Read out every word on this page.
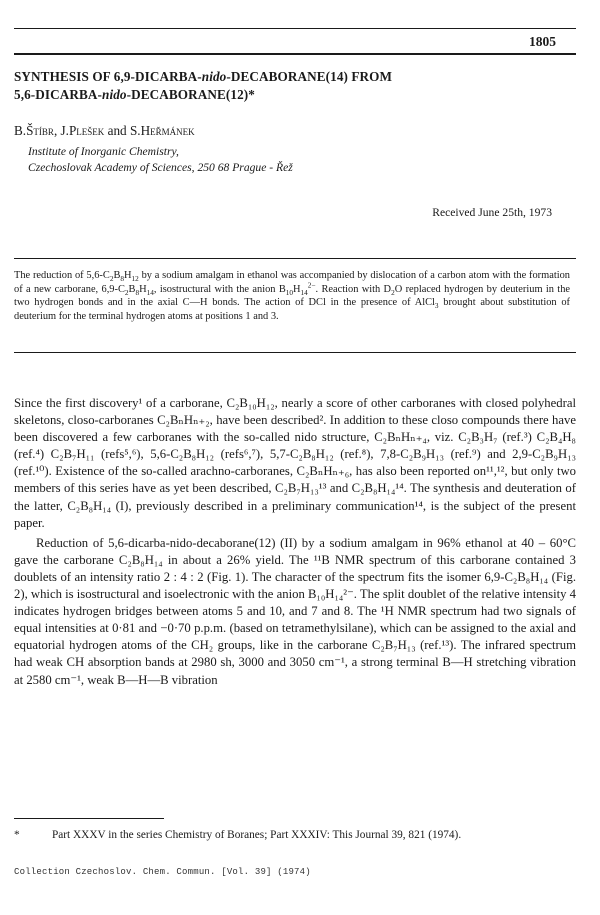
1805
SYNTHESIS OF 6,9-DICARBA-nido-DECABORANE(14) FROM
5,6-DICARBA-nido-DECABORANE(12)*
B.Štíbr, J.Plešek and S.Heřmánek
Institute of Inorganic Chemistry,
Czechoslovak Academy of Sciences, 250 68 Prague - Řež
Received June 25th, 1973
The reduction of $5,6-C_2B_8H_{12}$ by a sodium amalgam in ethanol was accompanied by dislocation of a carbon atom with the formation of a new carborane, $6,9-C_2B_8H_{14}$, isostructural with the anion $B_{10}H_{14}^{2-}$. Reaction with $D_2O$ replaced hydrogen by deuterium in the two hydrogen bonds and in the axial C—H bonds. The action of DCl in the presence of AlCl$_3$ brought about substitution of deuterium for the terminal hydrogen atoms at positions 1 and 3.

Since the first discovery¹ of a carborane, C₂B₁₀H₁₂, nearly a score of other carboranes with closed polyhedral skeletons, closo-carboranes C₂BₙHₙ₊₂, have been described². In addition to these closo compounds there have been discovered a few carboranes with the so-called nido structure, C₂BₙHₙ₊₄, viz. C₂B₃H₇ (ref.³) C₂B₄H₈ (ref.⁴) C₂B₇H₁₁ (refs⁵,⁶), 5,6-C₂B₈H₁₂ (refs⁶,⁷), 5,7-C₂B₈H₁₂ (ref.⁸), 7,8-C₂B₉H₁₃ (ref.⁹) and 2,9-C₂B₉H₁₃ (ref.¹⁰). Existence of the so-called arachno-carboranes, C₂BₙHₙ₊₆, has also been reported on¹¹,¹², but only two members of this series have as yet been described, C₂B₇H₁₃¹³ and C₂B₈H₁₄¹⁴. The synthesis and deuteration of the latter, C₂B₈H₁₄ (I), previously described in a preliminary communication¹⁴, is the subject of the present paper.

Reduction of 5,6-dicarba-nido-decaborane(12) (II) by a sodium amalgam in 96% ethanol at 40 – 60°C gave the carborane C₂B₈H₁₄ in about a 26% yield. The ¹¹B NMR spectrum of this carborane contained 3 doublets of an intensity ratio 2 : 4 : 2 (Fig. 1). The character of the spectrum fits the isomer 6,9-C₂B₈H₁₄ (Fig. 2), which is isostructural and isoelectronic with the anion B₁₀H₁₄²⁻. The split doublet of the relative intensity 4 indicates hydrogen bridges between atoms 5 and 10, and 7 and 8. The ¹H NMR spectrum had two signals of equal intensities at 0·81 and −0·70 p.p.m. (based on tetramethylsilane), which can be assigned to the axial and equatorial hydrogen atoms of the CH₂ groups, like in the carborane C₂B₇H₁₃ (ref.¹³). The infrared spectrum had weak CH absorption bands at 2980 sh, 3000 and 3050 cm⁻¹, a strong terminal B—H stretching vibration at 2580 cm⁻¹, weak B—H—B vibration

*	Part XXXV in the series Chemistry of Boranes; Part XXXIV: This Journal 39, 821 (1974).
Collection Czechoslov. Chem. Commun. [Vol. 39] (1974)
